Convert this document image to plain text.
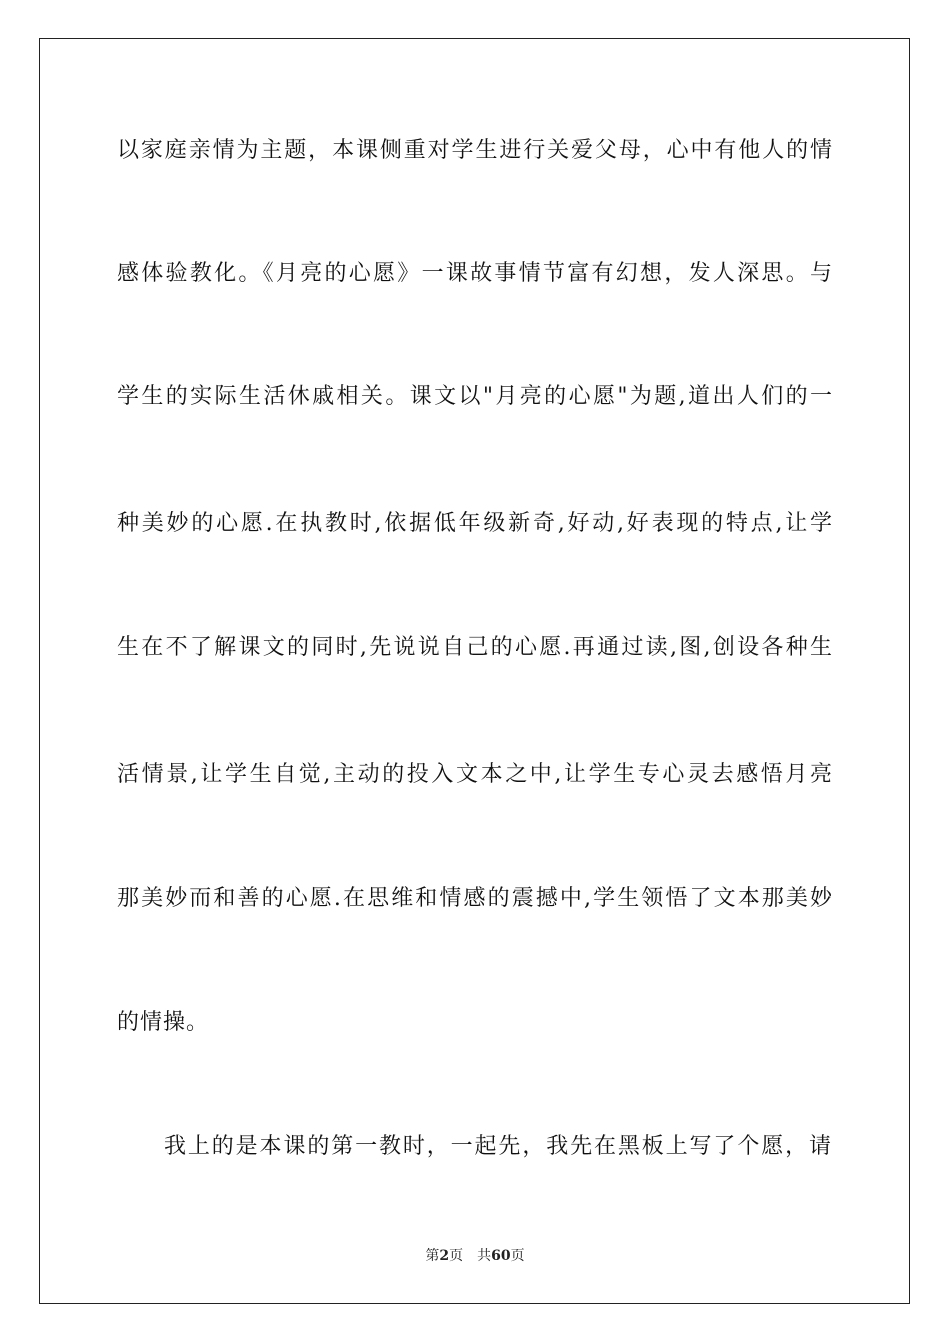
以家庭亲情为主题，本课侧重对学生进行关爱父母，心中有他人的情
感体验教化。《月亮的心愿》一课故事情节富有幻想，发人深思。与
学生的实际生活休戚相关。课文以"月亮的心愿"为题,道出人们的一
种美妙的心愿.在执教时,依据低年级新奇,好动,好表现的特点,让学
生在不了解课文的同时,先说说自己的心愿.再通过读,图,创设各种生
活情景,让学生自觉,主动的投入文本之中,让学生专心灵去感悟月亮
那美妙而和善的心愿.在思维和情感的震撼中,学生领悟了文本那美妙
的情操。
我上的是本课的第一教时，一起先，我先在黑板上写了个愿，请
第2页 共60页
